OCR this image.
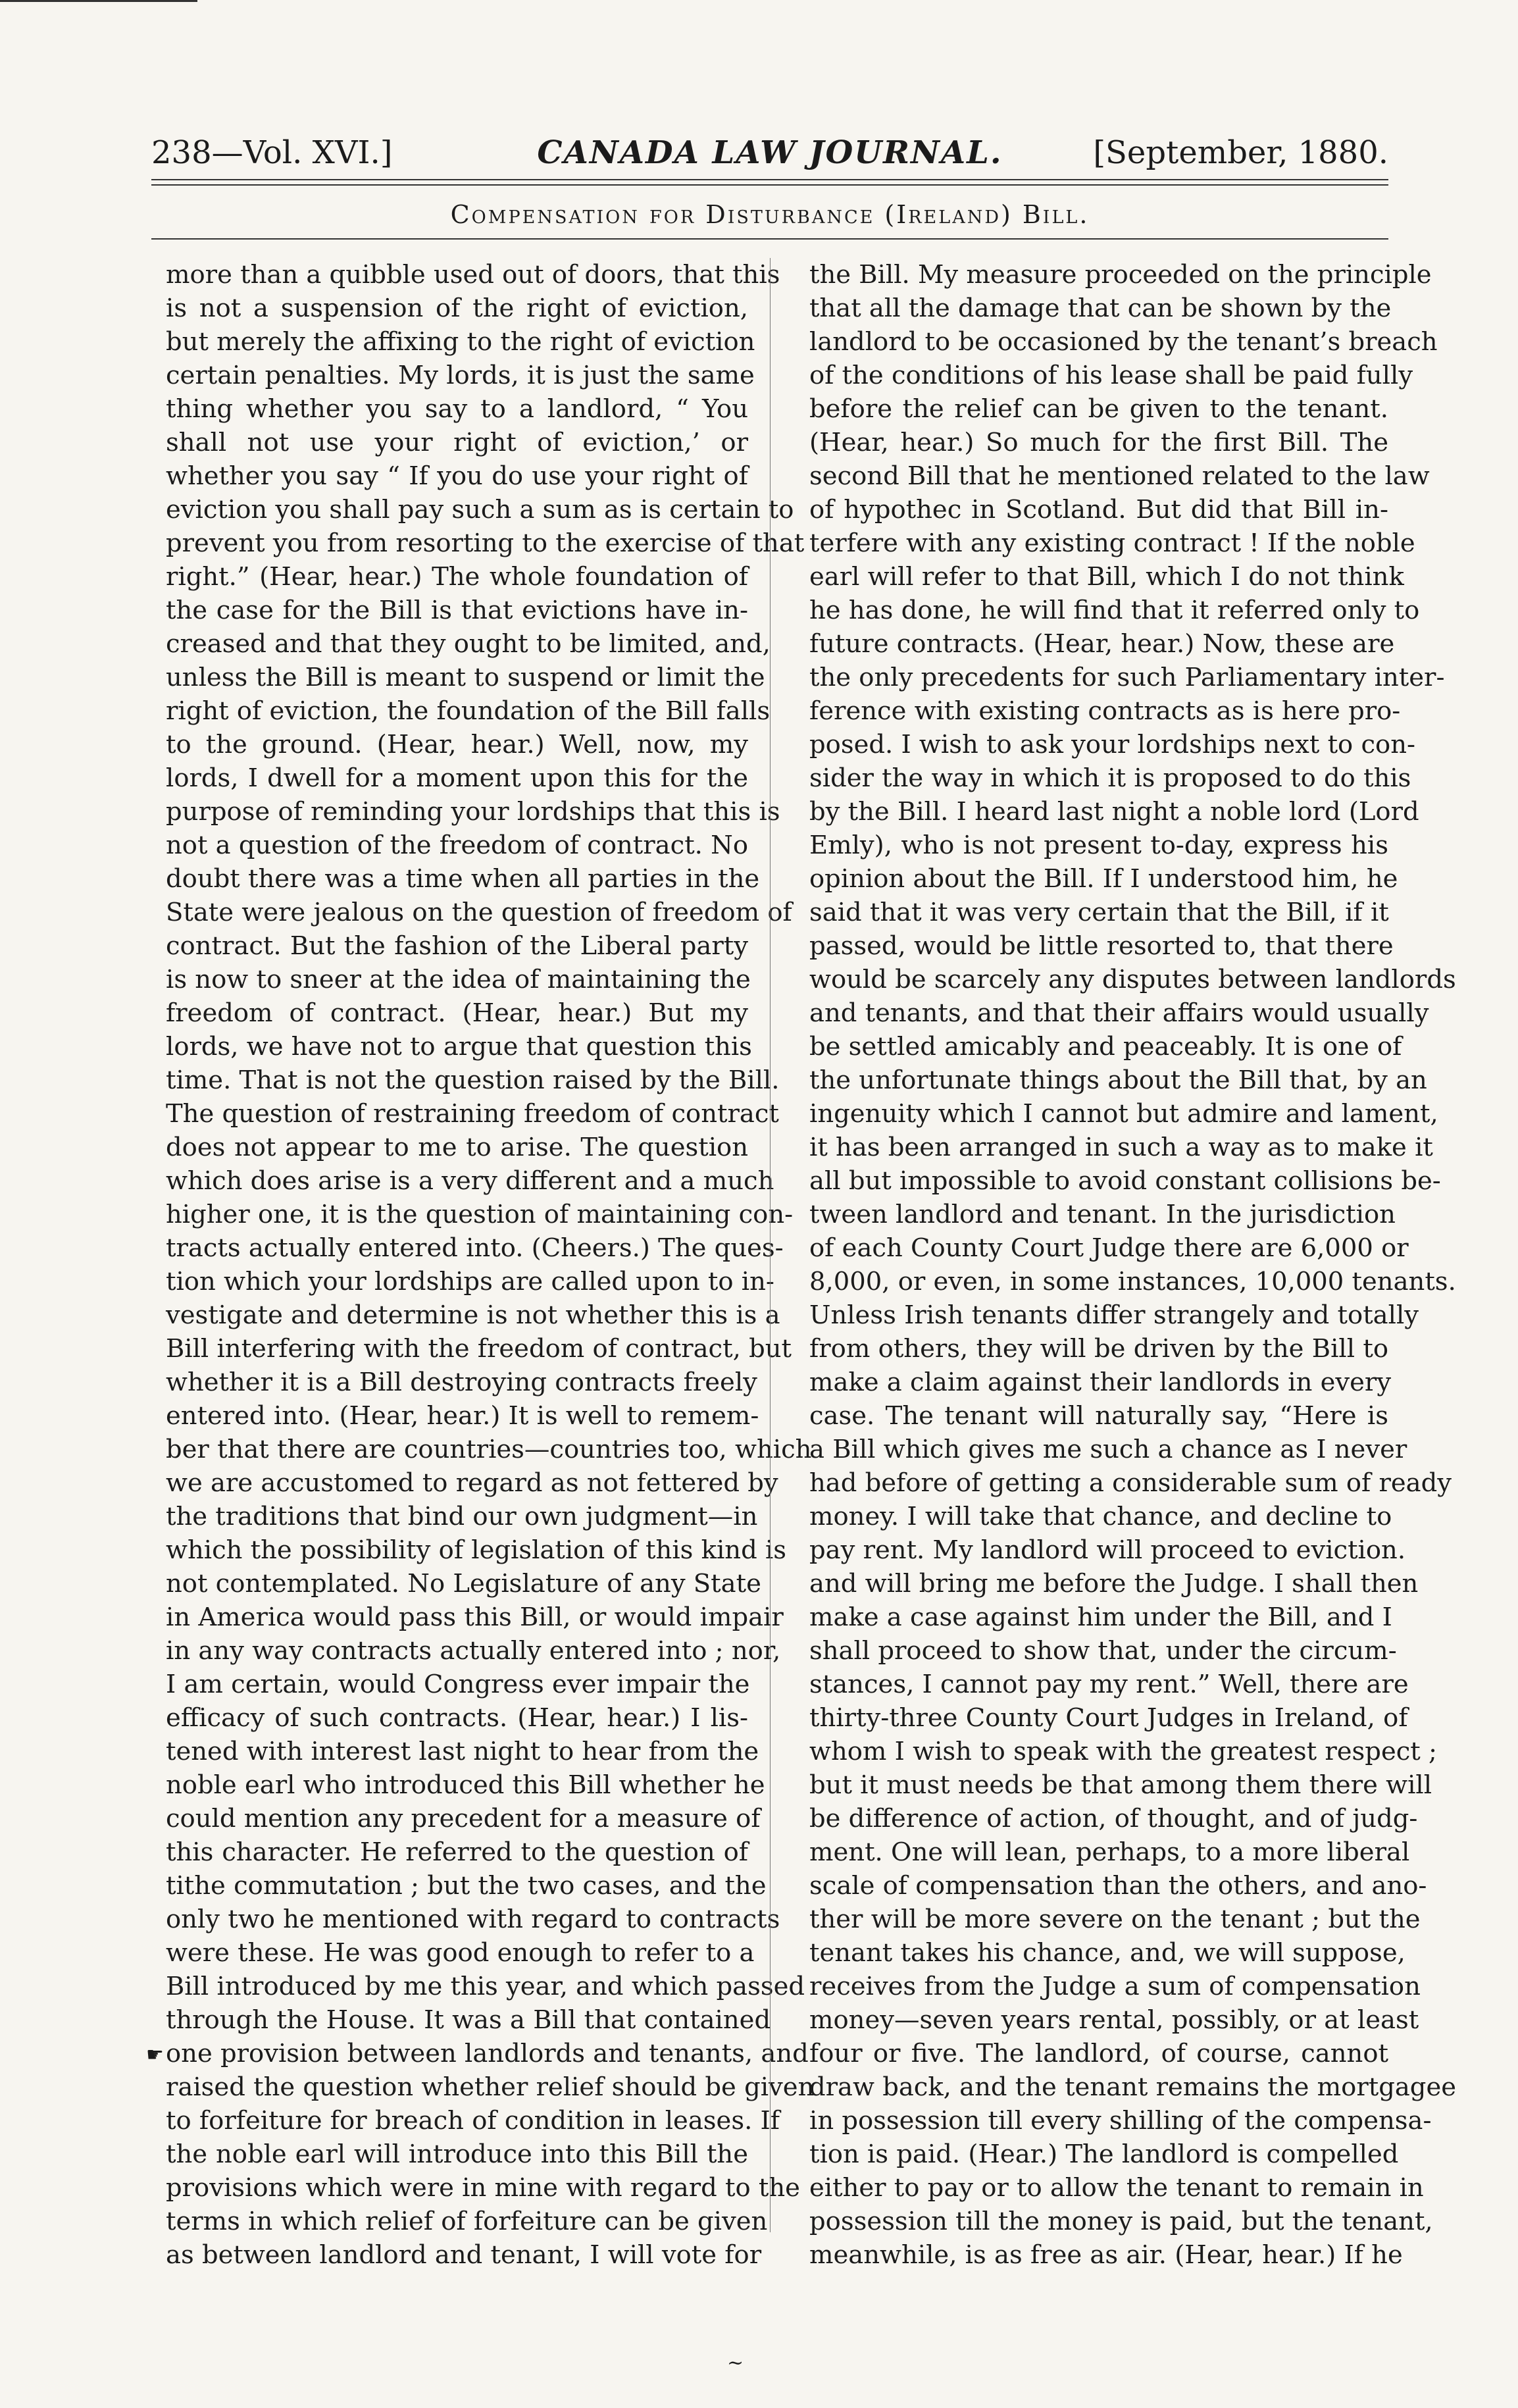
238—Vol. XVI.]	CANADA LAW JOURNAL.	[September, 1880.
Compensation for Disturbance (Ireland) Bill.
more than a quibble used out of doors, that this
is not a suspension of the right of eviction,
but merely the affixing to the right of eviction
certain penalties. My lords, it is just the same
thing whether you say to a landlord, “ You
shall not use your right of eviction,’ or
whether you say “ If you do use your right of
eviction you shall pay such a sum as is certain to
prevent you from resorting to the exercise of that
right.” (Hear, hear.) The whole foundation of
the case for the Bill is that evictions have in-
creased and that they ought to be limited, and,
unless the Bill is meant to suspend or limit the
right of eviction, the foundation of the Bill falls
to the ground. (Hear, hear.) Well, now, my
lords, I dwell for a moment upon this for the
purpose of reminding your lordships that this is
not a question of the freedom of contract. No
doubt there was a time when all parties in the
State were jealous on the question of freedom of
contract. But the fashion of the Liberal party
is now to sneer at the idea of maintaining the
freedom of contract. (Hear, hear.) But my
lords, we have not to argue that question this
time. That is not the question raised by the Bill.
The question of restraining freedom of contract
does not appear to me to arise. The question
which does arise is a very different and a much
higher one, it is the question of maintaining con-
tracts actually entered into. (Cheers.) The ques-
tion which your lordships are called upon to in-
vestigate and determine is not whether this is a
Bill interfering with the freedom of contract, but
whether it is a Bill destroying contracts freely
entered into. (Hear, hear.) It is well to remem-
ber that there are countries—countries too, which
we are accustomed to regard as not fettered by
the traditions that bind our own judgment—in
which the possibility of legislation of this kind is
not contemplated. No Legislature of any State
in America would pass this Bill, or would impair
in any way contracts actually entered into ; nor,
I am certain, would Congress ever impair the
efficacy of such contracts. (Hear, hear.) I lis-
tened with interest last night to hear from the
noble earl who introduced this Bill whether he
could mention any precedent for a measure of
this character. He referred to the question of
tithe commutation ; but the two cases, and the
only two he mentioned with regard to contracts
were these. He was good enough to refer to a
Bill introduced by me this year, and which passed
through the House. It was a Bill that contained
one provision between landlords and tenants, and
raised the question whether relief should be given
to forfeiture for breach of condition in leases. If
the noble earl will introduce into this Bill the
provisions which were in mine with regard to the
terms in which relief of forfeiture can be given
as between landlord and tenant, I will vote for
the Bill. My measure proceeded on the principle
that all the damage that can be shown by the
landlord to be occasioned by the tenant’s breach
of the conditions of his lease shall be paid fully
before the relief can be given to the tenant.
(Hear, hear.) So much for the first Bill. The
second Bill that he mentioned related to the law
of hypothec in Scotland. But did that Bill in-
terfere with any existing contract ! If the noble
earl will refer to that Bill, which I do not think
he has done, he will find that it referred only to
future contracts. (Hear, hear.) Now, these are
the only precedents for such Parliamentary inter-
ference with existing contracts as is here pro-
posed. I wish to ask your lordships next to con-
sider the way in which it is proposed to do this
by the Bill. I heard last night a noble lord (Lord
Emly), who is not present to-day, express his
opinion about the Bill. If I understood him, he
said that it was very certain that the Bill, if it
passed, would be little resorted to, that there
would be scarcely any disputes between landlords
and tenants, and that their affairs would usually
be settled amicably and peaceably. It is one of
the unfortunate things about the Bill that, by an
ingenuity which I cannot but admire and lament,
it has been arranged in such a way as to make it
all but impossible to avoid constant collisions be-
tween landlord and tenant. In the jurisdiction
of each County Court Judge there are 6,000 or
8,000, or even, in some instances, 10,000 tenants.
Unless Irish tenants differ strangely and totally
from others, they will be driven by the Bill to
make a claim against their landlords in every
case. The tenant will naturally say, “Here is
a Bill which gives me such a chance as I never
had before of getting a considerable sum of ready
money. I will take that chance, and decline to
pay rent. My landlord will proceed to eviction.
and will bring me before the Judge. I shall then
make a case against him under the Bill, and I
shall proceed to show that, under the circum-
stances, I cannot pay my rent.” Well, there are
thirty-three County Court Judges in Ireland, of
whom I wish to speak with the greatest respect ;
but it must needs be that among them there will
be difference of action, of thought, and of judg-
ment. One will lean, perhaps, to a more liberal
scale of compensation than the others, and ano-
ther will be more severe on the tenant ; but the
tenant takes his chance, and, we will suppose,
receives from the Judge a sum of compensation
money—seven years rental, possibly, or at least
four or five. The landlord, of course, cannot
draw back, and the tenant remains the mortgagee
in possession till every shilling of the compensa-
tion is paid. (Hear.) The landlord is compelled
either to pay or to allow the tenant to remain in
possession till the money is paid, but the tenant,
meanwhile, is as free as air. (Hear, hear.) If he
☛
~
